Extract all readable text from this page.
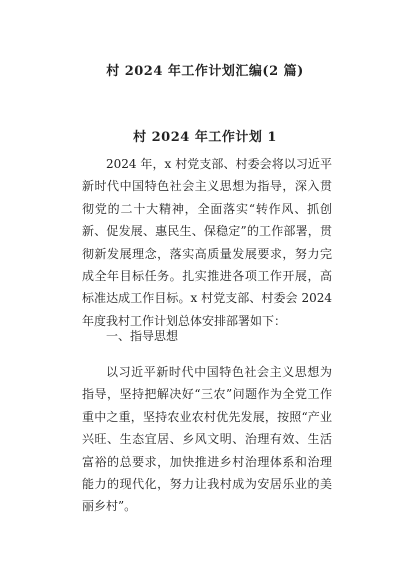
村 2024 年工作计划汇编(2 篇)
村 2024 年工作计划 1
2024 年，x 村党支部、村委会将以习近平新时代中国特色社会主义思想为指导，深入贯彻党的二十大精神，全面落实“转作风、抓创新、促发展、惠民生、保稳定”的工作部署，贯彻新发展理念，落实高质量发展要求，努力完成全年目标任务。扎实推进各项工作开展，高标准达成工作目标。x 村党支部、村委会 2024 年度我村工作计划总体安排部署如下：
一、指导思想
以习近平新时代中国特色社会主义思想为指导，坚持把解决好“三农”问题作为全党工作重中之重，坚持农业农村优先发展，按照“产业兴旺、生态宜居、乡风文明、治理有效、生活富裕的总要求，加快推进乡村治理体系和治理能力的现代化，努力让我村成为安居乐业的美丽乡村”。
